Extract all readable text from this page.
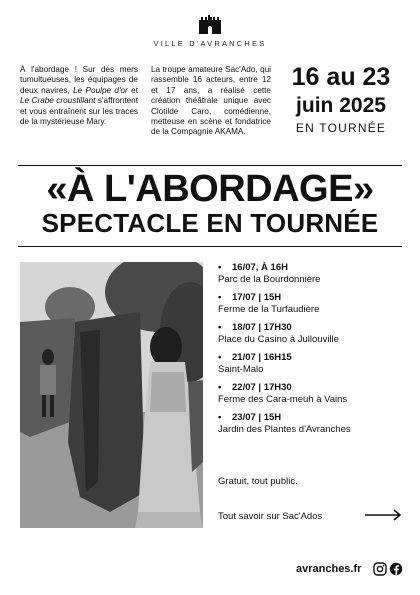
VILLE D'AVRANCHES
À l'abordage ! Sur des mers tumultueuses, les équipages de deux navires, Le Poulpe d'or et Le Crabe croustillant s'affrontent et vous entraînent sur les traces de la mystérieuse Mary.
La troupe amateure Sac'Ado, qui rassemble 16 acteurs, entre 12 et 17 ans, a réalisé cette création théâtrale unique avec Clotilde Caro, comédienne, metteuse en scène et fondatrice de la Compagnie AKAMA.
16 au 23
juin 2025
EN TOURNÉE
«À L'ABORDAGE»
SPECTACLE EN TOURNÉE
• 16/07, À 16H
Parc de la Bourdonnière
• 17/07 | 15H
Ferme de la Turfaudière
• 18/07 | 17H30
Place du Casino à Jullouville
• 21/07 | 16H15
Saint-Malo
• 22/07 | 17H30
Ferme des Cara-meuh à Vains
• 23/07 | 15H
Jardin des Plantes d'Avranches
Gratuit, tout public.
Tout savoir sur Sac'Ados
avranches.fr
